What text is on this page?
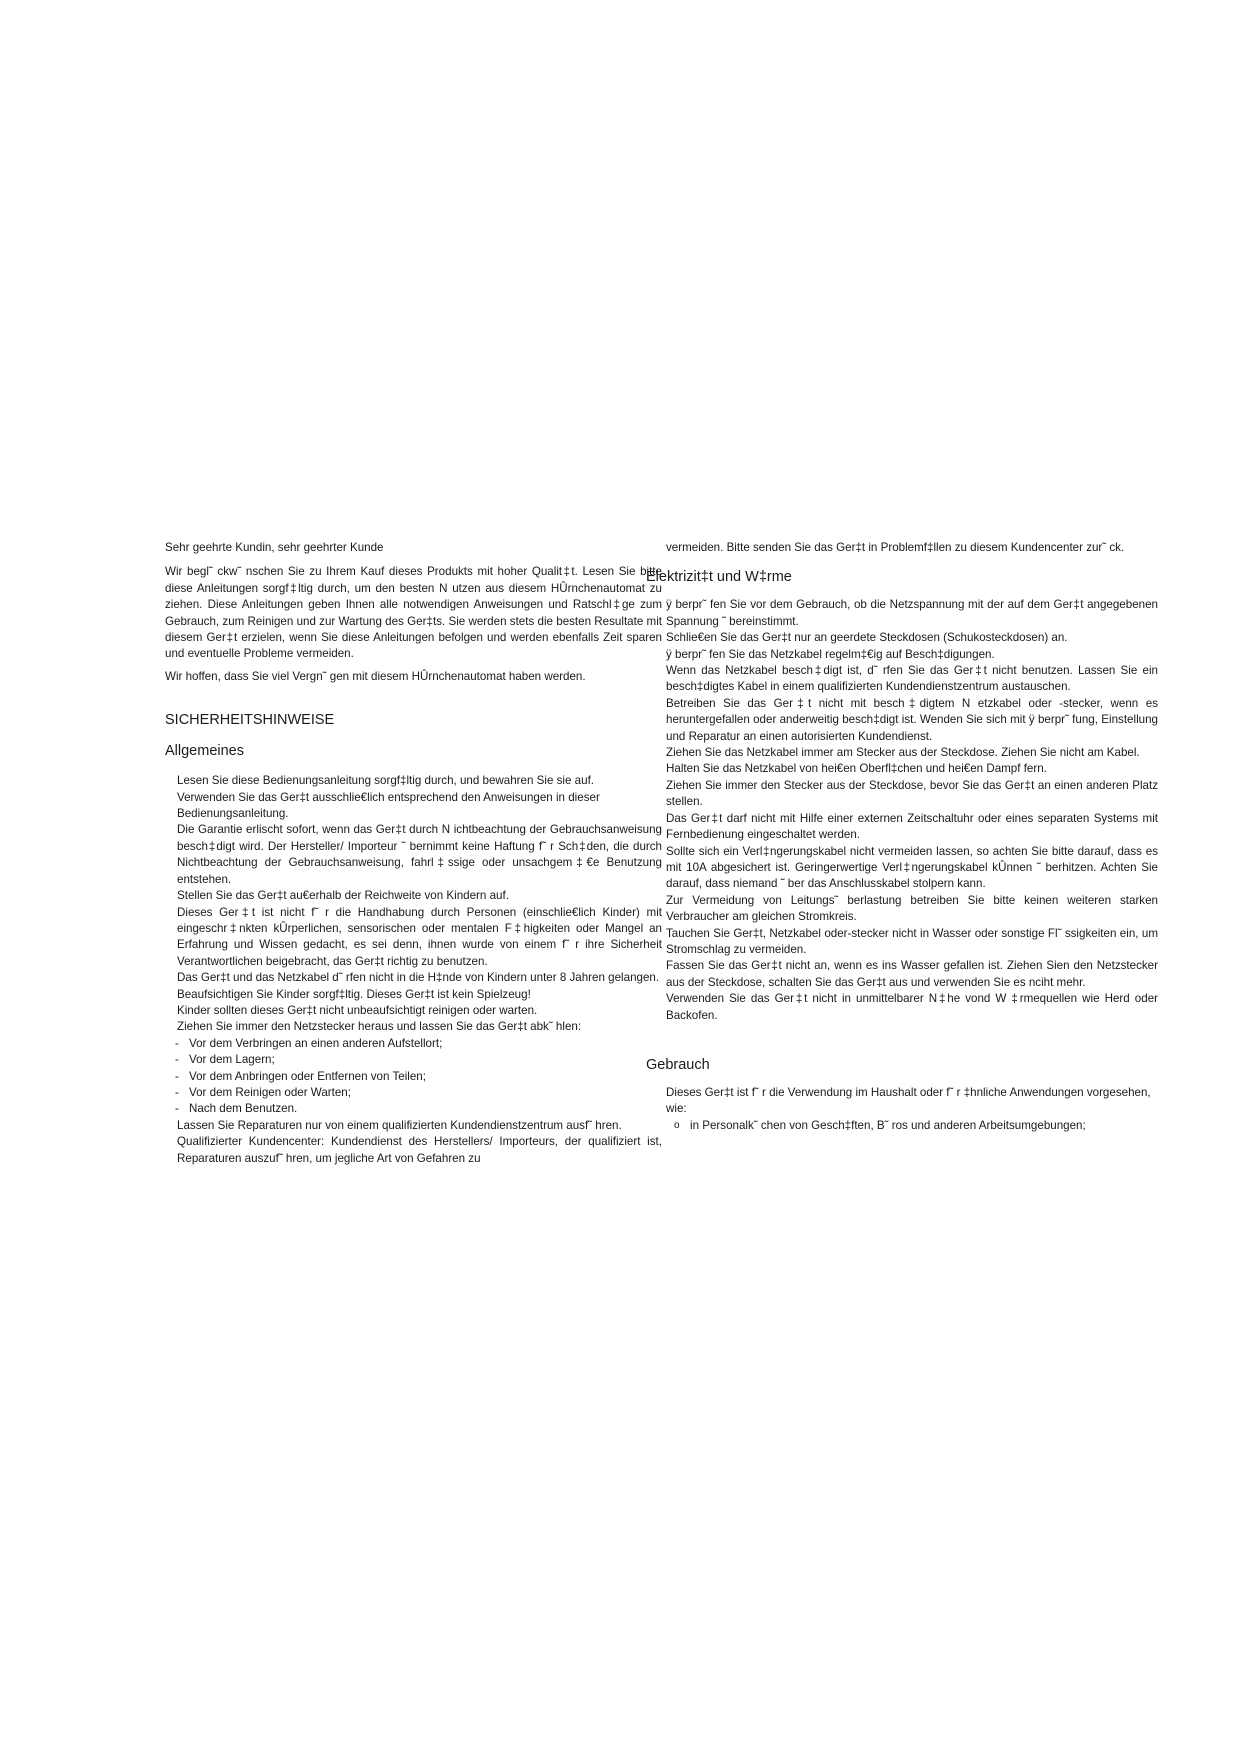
Sehr geehrte Kundin, sehr geehrter Kunde

Wir begl˜ ckw˜ nschen Sie zu Ihrem Kauf dieses Produkts mit hoher Qualit‡t. Lesen Sie bitte diese Anleitungen sorgf‡ltig durch, um den besten N utzen aus diesem HÛrnchenautomat zu ziehen. Diese Anleitungen geben Ihnen alle notwendigen Anweisungen und Ratschl‡ge zum Gebrauch, zum Reinigen und zur Wartung des Ger‡ts. Sie werden stets die besten Resultate mit diesem Ger‡t erzielen, wenn Sie diese Anleitungen befolgen und werden ebenfalls Zeit sparen und eventuelle Probleme vermeiden.

Wir hoffen, dass Sie viel Vergn˜ gen mit diesem HÛrnchenautomat haben werden.

SICHERHEITSHINWEISE

Allgemeines

Lesen Sie diese Bedienungsanleitung sorgf‡ltig durch, und bewahren Sie sie auf.

Verwenden Sie das Ger‡t ausschlie€lich entsprechend den Anweisungen in dieser Bedienungsanleitung.

Die Garantie erlischt sofort, wenn das Ger‡t durch N ichtbeachtung der Gebrauchsanweisung besch‡digt wird. Der Hersteller/ Importeur ˜ bernimmt keine Haftung f˜ r Sch‡den, die durch Nichtbeachtung der Gebrauchsanweisung, fahrl‡ssige oder unsachgem‡€e Benutzung entstehen.

Stellen Sie das Ger‡t au€erhalb der Reichweite von Kindern auf.

Dieses Ger‡t ist nicht f˜ r die Handhabung durch Personen (einschlie€lich Kinder) mit eingeschr‡nkten kÛrperlichen, sensorischen oder mentalen F‡higkeiten oder Mangel an Erfahrung und Wissen gedacht, es sei denn, ihnen wurde von einem f˜ r ihre Sicherheit Verantwortlichen beigebracht, das Ger‡t richtig zu benutzen.

Das Ger‡t und das Netzkabel d˜ rfen nicht in die H‡nde von Kindern unter 8 Jahren gelangen.

Beaufsichtigen Sie Kinder sorgf‡ltig. Dieses Ger‡t ist kein Spielzeug!

Kinder sollten dieses Ger‡t nicht unbeaufsichtigt reinigen oder warten.

Ziehen Sie immer den Netzstecker heraus und lassen Sie das Ger‡t abk˜ hlen:

- Vor dem Verbringen an einen anderen Aufstellort;
- Vor dem Lagern;
- Vor dem Anbringen oder Entfernen von Teilen;
- Vor dem Reinigen oder Warten;
- Nach dem Benutzen.

Lassen Sie Reparaturen nur von einem qualifizierten Kundendienstzentrum ausf˜ hren.

Qualifizierter Kundencenter: Kundendienst des Herstellers/ Importeurs, der qualifiziert ist, Reparaturen auszuf˜ hren, um jegliche Art von Gefahren zu

vermeiden. Bitte senden Sie das Ger‡t in Problemf‡llen zu diesem Kundencenter zur˜ ck.

Elektrizit‡t und W‡rme

ÿ berpr˜ fen Sie vor dem Gebrauch, ob die Netzspannung mit der auf dem Ger‡t angegebenen Spannung ˜ bereinstimmt.

Schlie€en Sie das Ger‡t nur an geerdete Steckdosen (Schukosteckdosen) an.

ÿ berpr˜ fen Sie das Netzkabel regelm‡€ig auf Besch‡digungen.

Wenn das Netzkabel besch‡digt ist, d˜ rfen Sie das Ger‡t nicht benutzen. Lassen Sie ein besch‡digtes Kabel in einem qualifizierten Kundendienstzentrum austauschen.

Betreiben Sie das Ger‡t nicht mit besch‡digtem N etzkabel oder -stecker, wenn es heruntergefallen oder anderweitig besch‡digt ist. Wenden Sie sich mit ÿ berpr˜ fung, Einstellung und Reparatur an einen autorisierten Kundendienst.

Ziehen Sie das Netzkabel immer am Stecker aus der Steckdose. Ziehen Sie nicht am Kabel.

Halten Sie das Netzkabel von hei€en Oberfl‡chen und hei€en Dampf fern.

Ziehen Sie immer den Stecker aus der Steckdose, bevor Sie das Ger‡t an einen anderen Platz stellen.

Das Ger‡t darf nicht mit Hilfe einer externen Zeitschaltuhr oder eines separaten Systems mit Fernbedienung eingeschaltet werden.

Sollte sich ein Verl‡ngerungskabel nicht vermeiden lassen, so achten Sie bitte darauf, dass es mit 10A abgesichert ist. Geringerwertige Verl‡ngerungskabel kÛnnen ˜ berhitzen. Achten Sie darauf, dass niemand ˜ ber das Anschlusskabel stolpern kann.

Zur Vermeidung von Leitungs˜ berlastung betreiben Sie bitte keinen weiteren starken Verbraucher am gleichen Stromkreis.

Tauchen Sie Ger‡t, Netzkabel oder-stecker nicht in Wasser oder sonstige Fl˜ ssigkeiten ein, um Stromschlag zu vermeiden.

Fassen Sie das Ger‡t nicht an, wenn es ins Wasser gefallen ist. Ziehen Sien den Netzstecker aus der Steckdose, schalten Sie das Ger‡t aus und verwenden Sie es nciht mehr.

Verwenden Sie das Ger‡t nicht in unmittelbarer N‡he vond W ‡rmequellen wie Herd oder Backofen.

Gebrauch

Dieses Ger‡t ist f˜ r die Verwendung im Haushalt oder f˜ r ‡hnliche Anwendungen vorgesehen, wie:

o in Personalk˜ chen von Gesch‡ften, B˜ ros und anderen Arbeitsumgebungen;
